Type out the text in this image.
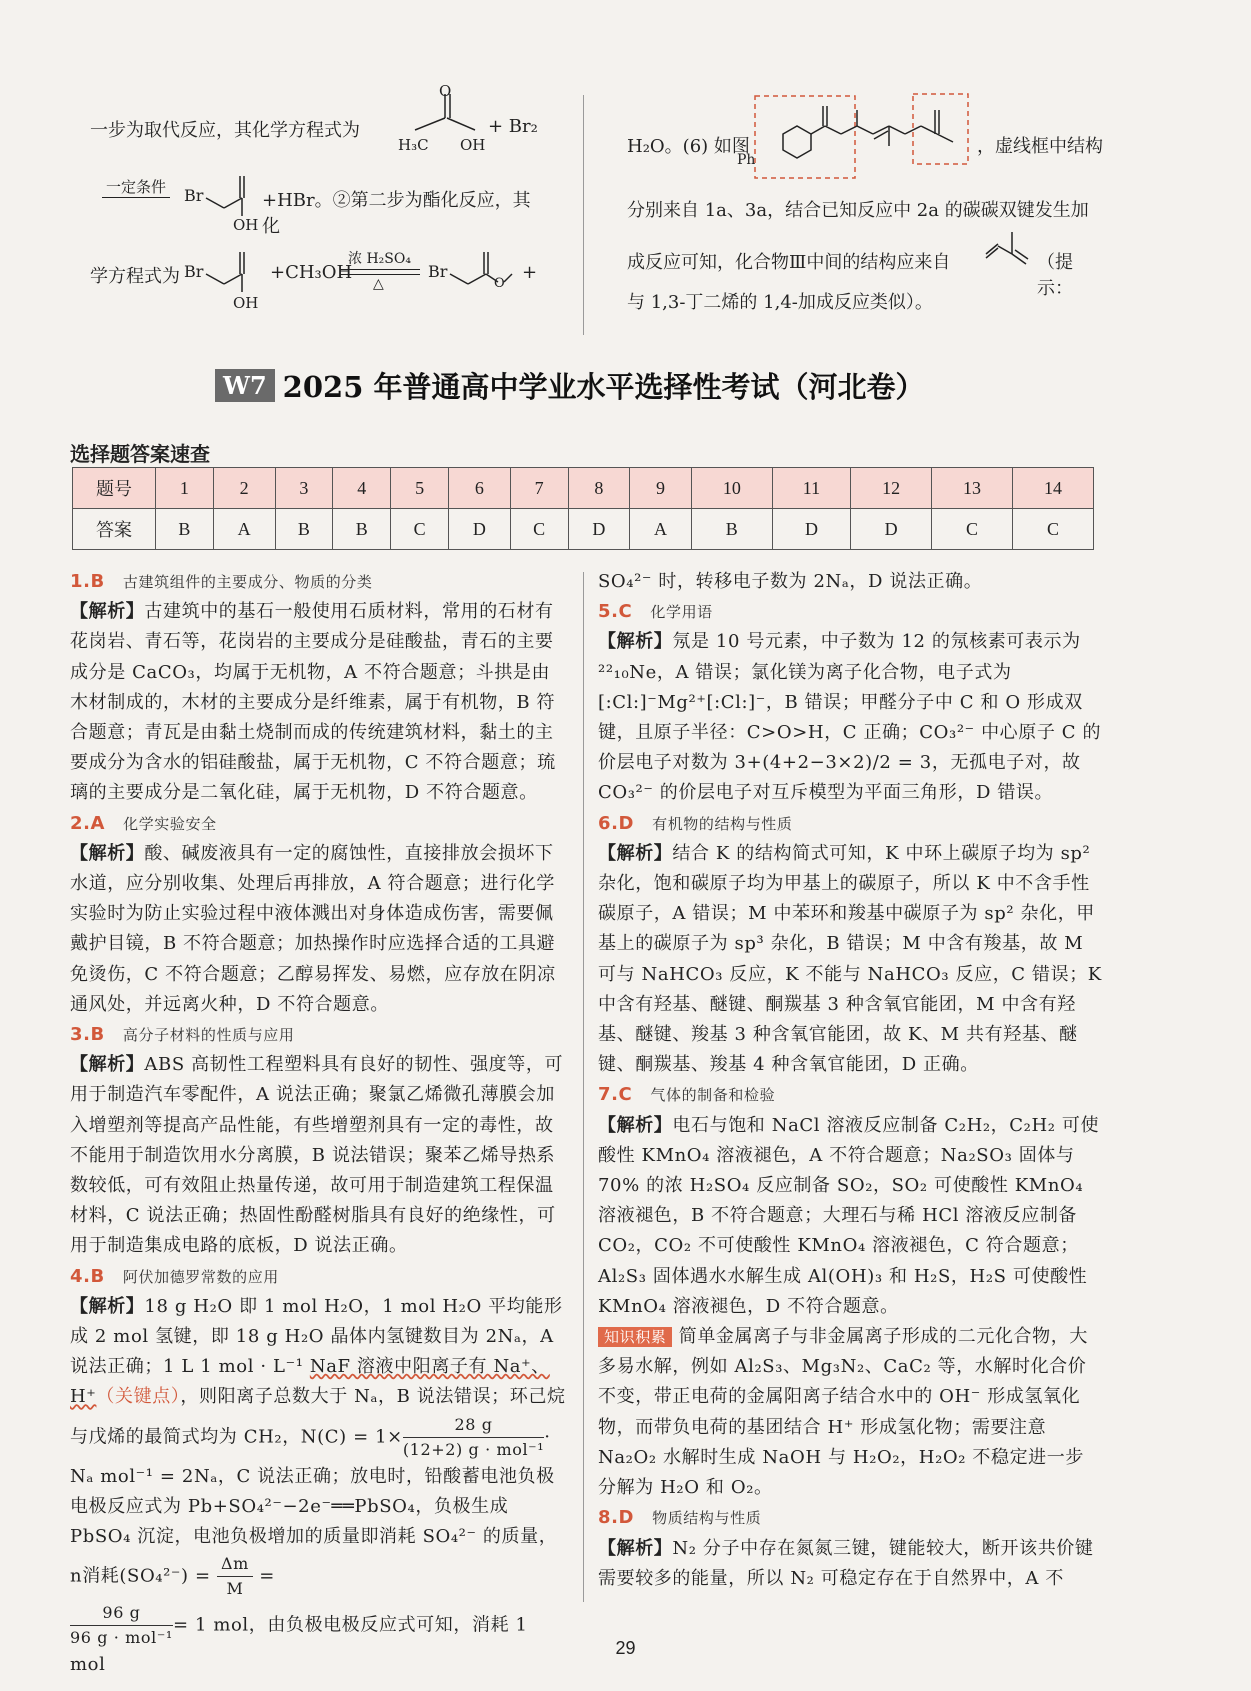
一步为取代反应，其化学方程式为
O
H₃C OH
+ Br₂
一定条件 Br
OH
+HBr。②第二步为酯化反应，其化
学方程式为 Br
OH
+CH₃OH
浓 H₂SO₄
△
Br
O
+
H₂O。(6) 如图
Ph
，虚线框中结构
分别来自 1a、3a，结合已知反应中 2a 的碳碳双键发生加
成反应可知，化合物Ⅲ中间的结构应来自	（提示：
与 1,3-丁二烯的 1,4-加成反应类似）。
W7 2025 年普通高中学业水平选择性考试（河北卷）
选择题答案速查
题号	1	2	3	4	5	6	7	8	9	10	11	12	13	14
答案	B	A	B	B	C	D	C	D	A	B	D	D	C	C

1.B 古建筑组件的主要成分、物质的分类

【解析】古建筑中的基石一般使用石质材料，常用的石材有花岗岩、青石等，花岗岩的主要成分是硅酸盐，青石的主要成分是 CaCO₃，均属于无机物，A 不符合题意；斗拱是由木材制成的，木材的主要成分是纤维素，属于有机物，B 符合题意；青瓦是由黏土烧制而成的传统建筑材料，黏土的主要成分为含水的铝硅酸盐，属于无机物，C 不符合题意；琉璃的主要成分是二氧化硅，属于无机物，D 不符合题意。

2.A 化学实验安全

【解析】酸、碱废液具有一定的腐蚀性，直接排放会损坏下水道，应分别收集、处理后再排放，A 符合题意；进行化学实验时为防止实验过程中液体溅出对身体造成伤害，需要佩戴护目镜，B 不符合题意；加热操作时应选择合适的工具避免烫伤，C 不符合题意；乙醇易挥发、易燃，应存放在阴凉通风处，并远离火种，D 不符合题意。

3.B 高分子材料的性质与应用

【解析】ABS 高韧性工程塑料具有良好的韧性、强度等，可用于制造汽车零配件，A 说法正确；聚氯乙烯微孔薄膜会加入增塑剂等提高产品性能，有些增塑剂具有一定的毒性，故不能用于制造饮用水分离膜，B 说法错误；聚苯乙烯导热系数较低，可有效阻止热量传递，故可用于制造建筑工程保温材料，C 说法正确；热固性酚醛树脂具有良好的绝缘性，可用于制造集成电路的底板，D 说法正确。

4.B 阿伏加德罗常数的应用

【解析】18 g H₂O 即 1 mol H₂O，1 mol H₂O 平均能形成 2 mol 氢键，即 18 g H₂O 晶体内氢键数目为 2Nₐ，A 说法正确；1 L 1 mol · L⁻¹ NaF 溶液中阳离子有 Na⁺、H⁺（关键点），则阳离子总数大于 Nₐ，B 说法错误；环己烷与戊烯的最简式均为 CH₂，$N(C) = 1\times \frac{28 g}{\text{(12+2) g · mol⁻¹}} \cdot N_a$ mol⁻¹ = 2Nₐ，C 说法正确；放电时，铅酸蓄电池负极电极反应式为 Pb+SO₄²⁻−2e⁻══PbSO₄，负极生成 PbSO₄ 沉淀，电池负极增加的质量即消耗 SO₄²⁻ 的质量，n消耗$(SO_4^{2-}) = \frac{\Delta m}{M}$ =

$\frac{96 g}{\text{96 g · mol⁻¹}} = 1$ mol，由负极电极反应式可知，消耗 1 mol

SO₄²⁻ 时，转移电子数为 2Nₐ，D 说法正确。

5.C 化学用语

【解析】氖是 10 号元素，中子数为 12 的氖核素可表示为 ²²₁₀Ne，A 错误；氯化镁为离子化合物，电子式为 [:Cl:]⁻Mg²⁺[:Cl:]⁻，B 错误；甲醛分子中 C 和 O 形成双键，且原子半径：C>O>H，C 正确；CO₃²⁻ 中心原子 C 的价层电子对数为 3+(4+2−3×2)/2 = 3，无孤电子对，故 CO₃²⁻ 的价层电子对互斥模型为平面三角形，D 错误。

6.D 有机物的结构与性质

【解析】结合 K 的结构简式可知，K 中环上碳原子均为 sp² 杂化，饱和碳原子均为甲基上的碳原子，所以 K 中不含手性碳原子，A 错误；M 中苯环和羧基中碳原子为 sp² 杂化，甲基上的碳原子为 sp³ 杂化，B 错误；M 中含有羧基，故 M 可与 NaHCO₃ 反应，K 不能与 NaHCO₃ 反应，C 错误；K 中含有羟基、醚键、酮羰基 3 种含氧官能团，M 中含有羟基、醚键、羧基 3 种含氧官能团，故 K、M 共有羟基、醚键、酮羰基、羧基 4 种含氧官能团，D 正确。

7.C 气体的制备和检验

【解析】电石与饱和 NaCl 溶液反应制备 C₂H₂，C₂H₂ 可使酸性 KMnO₄ 溶液褪色，A 不符合题意；Na₂SO₃ 固体与 70% 的浓 H₂SO₄ 反应制备 SO₂，SO₂ 可使酸性 KMnO₄ 溶液褪色，B 不符合题意；大理石与稀 HCl 溶液反应制备 CO₂，CO₂ 不可使酸性 KMnO₄ 溶液褪色，C 符合题意；Al₂S₃ 固体遇水水解生成 Al(OH)₃ 和 H₂S，H₂S 可使酸性 KMnO₄ 溶液褪色，D 不符合题意。

知识积累 简单金属离子与非金属离子形成的二元化合物，大多易水解，例如 Al₂S₃、Mg₃N₂、CaC₂ 等，水解时化合价不变，带正电荷的金属阳离子结合水中的 OH⁻ 形成氢氧化物，而带负电荷的基团结合 H⁺ 形成氢化物；需要注意 Na₂O₂ 水解时生成 NaOH 与 H₂O₂，H₂O₂ 不稳定进一步分解为 H₂O 和 O₂。

8.D 物质结构与性质

【解析】N₂ 分子中存在氮氮三键，键能较大，断开该共价键需要较多的能量，所以 N₂ 可稳定存在于自然界中，A 不

29
